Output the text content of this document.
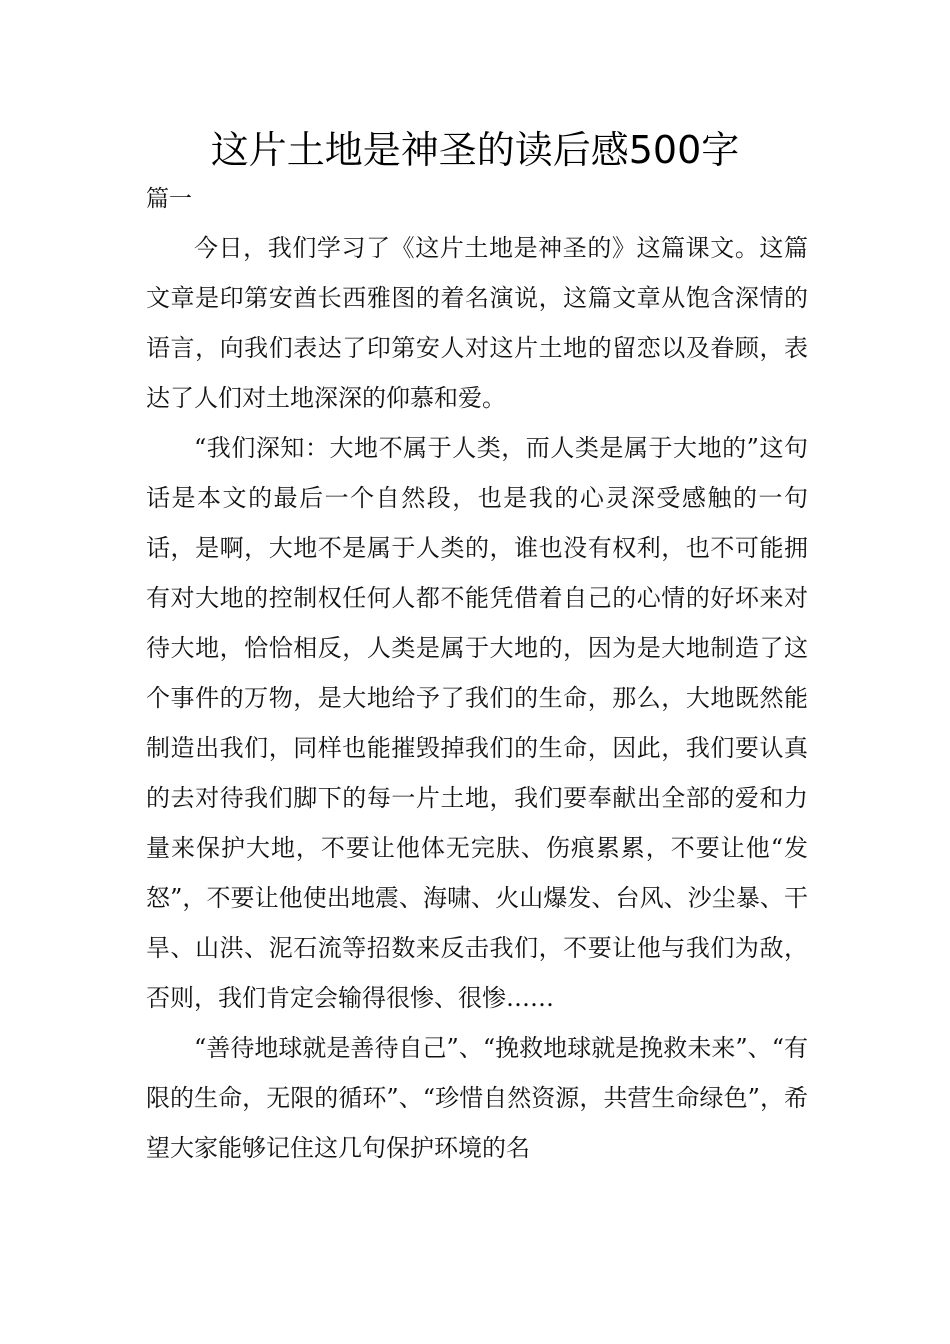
这片土地是神圣的读后感500字
篇一

今日，我们学习了《这片土地是神圣的》这篇课文。这篇文章是印第安酋长西雅图的着名演说，这篇文章从饱含深情的语言，向我们表达了印第安人对这片土地的留恋以及眷顾，表达了人们对土地深深的仰慕和爱。

“我们深知：大地不属于人类，而人类是属于大地的”这句话是本文的最后一个自然段，也是我的心灵深受感触的一句话，是啊，大地不是属于人类的，谁也没有权利，也不可能拥有对大地的控制权任何人都不能凭借着自己的心情的好坏来对待大地，恰恰相反，人类是属于大地的，因为是大地制造了这个事件的万物，是大地给予了我们的生命，那么，大地既然能制造出我们，同样也能摧毁掉我们的生命，因此，我们要认真的去对待我们脚下的每一片土地，我们要奉献出全部的爱和力量来保护大地，不要让他体无完肤、伤痕累累，不要让他“发怒”，不要让他使出地震、海啸、火山爆发、台风、沙尘暴、干旱、山洪、泥石流等招数来反击我们，不要让他与我们为敌，否则，我们肯定会输得很惨、很惨……

“善待地球就是善待自己”、“挽救地球就是挽救未来”、“有限的生命，无限的循环”、“珍惜自然资源，共营生命绿色”，希望大家能够记住这几句保护环境的名
